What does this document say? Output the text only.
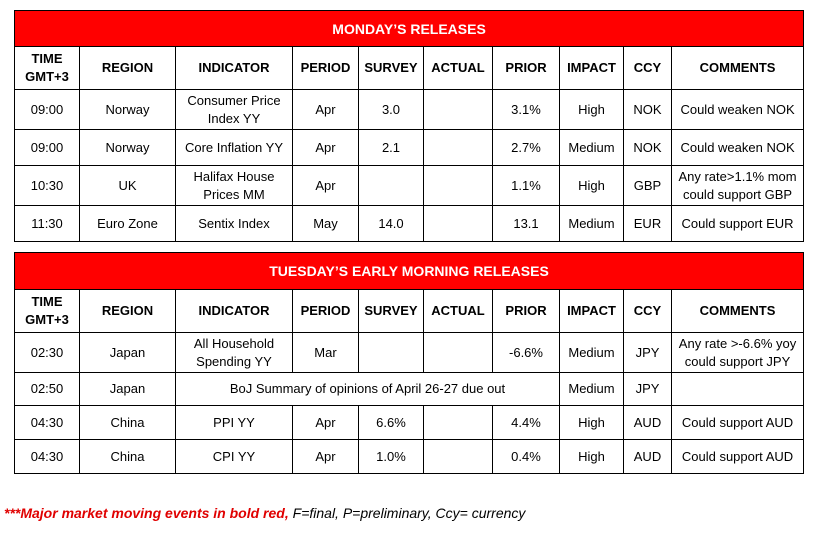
MONDAY’S RELEASES									
TIME GMT+3	REGION	INDICATOR	PERIOD	SURVEY	ACTUAL	PRIOR	IMPACT	CCY	COMMENTS
09:00	Norway	Consumer Price Index YY	Apr	3.0		3.1%	High	NOK	Could weaken NOK
09:00	Norway	Core Inflation YY	Apr	2.1		2.7%	Medium	NOK	Could weaken NOK
10:30	UK	Halifax House Prices MM	Apr			1.1%	High	GBP	Any rate>1.1% mom could support GBP
11:30	Euro Zone	Sentix Index	May	14.0		13.1	Medium	EUR	Could support EUR
TUESDAY’S EARLY MORNING RELEASES									
TIME GMT+3	REGION	INDICATOR	PERIOD	SURVEY	ACTUAL	PRIOR	IMPACT	CCY	COMMENTS
02:30	Japan	All Household Spending YY	Mar			-6.6%	Medium	JPY	Any rate >-6.6% yoy could support JPY
02:50	Japan	BoJ Summary of opinions of April 26-27 due out					Medium	JPY	
04:30	China	PPI YY	Apr	6.6%		4.4%	High	AUD	Could support AUD
04:30	China	CPI YY	Apr	1.0%		0.4%	High	AUD	Could support AUD
***Major market moving events in bold red, F=final, P=preliminary, Ccy= currency
